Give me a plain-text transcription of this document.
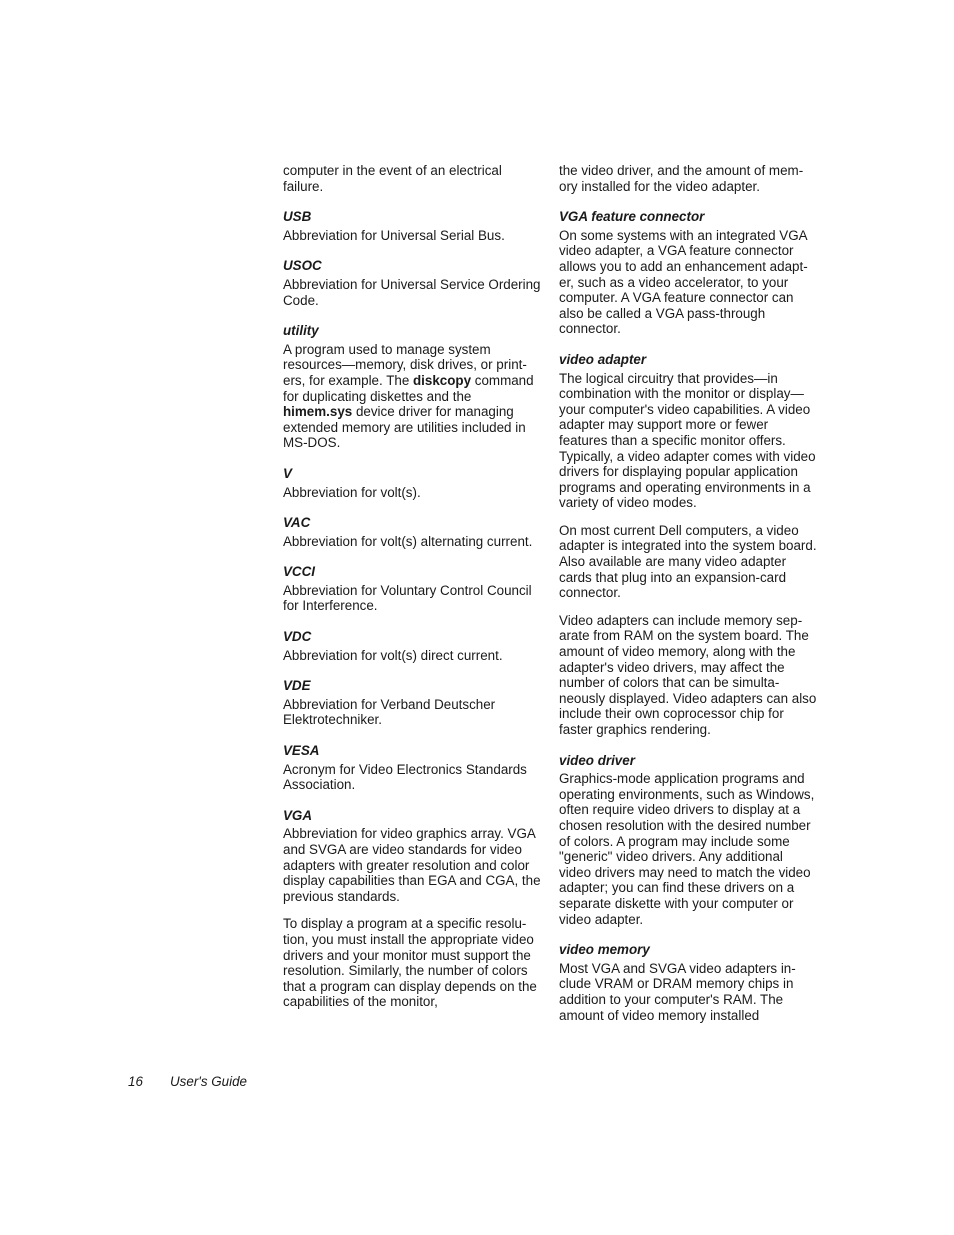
computer in the event of an electrical failure.

USB

Abbreviation for Universal Serial Bus.

USOC

Abbreviation for Universal Service Ordering Code.

utility

A program used to manage system resources—memory, disk drives, or printers, for example. The diskcopy command for duplicating diskettes and the himem.sys device driver for managing extended memory are utilities included in MS-DOS.

V

Abbreviation for volt(s).

VAC

Abbreviation for volt(s) alternating current.

VCCI

Abbreviation for Voluntary Control Council for Interference.

VDC

Abbreviation for volt(s) direct current.

VDE

Abbreviation for Verband Deutscher Elektrotechniker.

VESA

Acronym for Video Electronics Standards Association.

VGA

Abbreviation for video graphics array. VGA and SVGA are video standards for video adapters with greater resolution and color display capabilities than EGA and CGA, the previous standards.

To display a program at a specific resolution, you must install the appropriate video drivers and your monitor must support the resolution. Similarly, the number of colors that a program can display depends on the capabilities of the monitor,

the video driver, and the amount of memory installed for the video adapter.

VGA feature connector

On some systems with an integrated VGA video adapter, a VGA feature connector allows you to add an enhancement adapter, such as a video accelerator, to your computer. A VGA feature connector can also be called a VGA pass-through connector.

video adapter

The logical circuitry that provides—in combination with the monitor or display—your computer's video capabilities. A video adapter may support more or fewer features than a specific monitor offers. Typically, a video adapter comes with video drivers for displaying popular application programs and operating environments in a variety of video modes.

On most current Dell computers, a video adapter is integrated into the system board. Also available are many video adapter cards that plug into an expansion-card connector.

Video adapters can include memory separate from RAM on the system board. The amount of video memory, along with the adapter's video drivers, may affect the number of colors that can be simultaneously displayed. Video adapters can also include their own coprocessor chip for faster graphics rendering.

video driver

Graphics-mode application programs and operating environments, such as Windows, often require video drivers to display at a chosen resolution with the desired number of colors. A program may include some "generic" video drivers. Any additional video drivers may need to match the video adapter; you can find these drivers on a separate diskette with your computer or video adapter.

video memory

Most VGA and SVGA video adapters include VRAM or DRAM memory chips in addition to your computer's RAM. The amount of video memory installed

16 User's Guide
